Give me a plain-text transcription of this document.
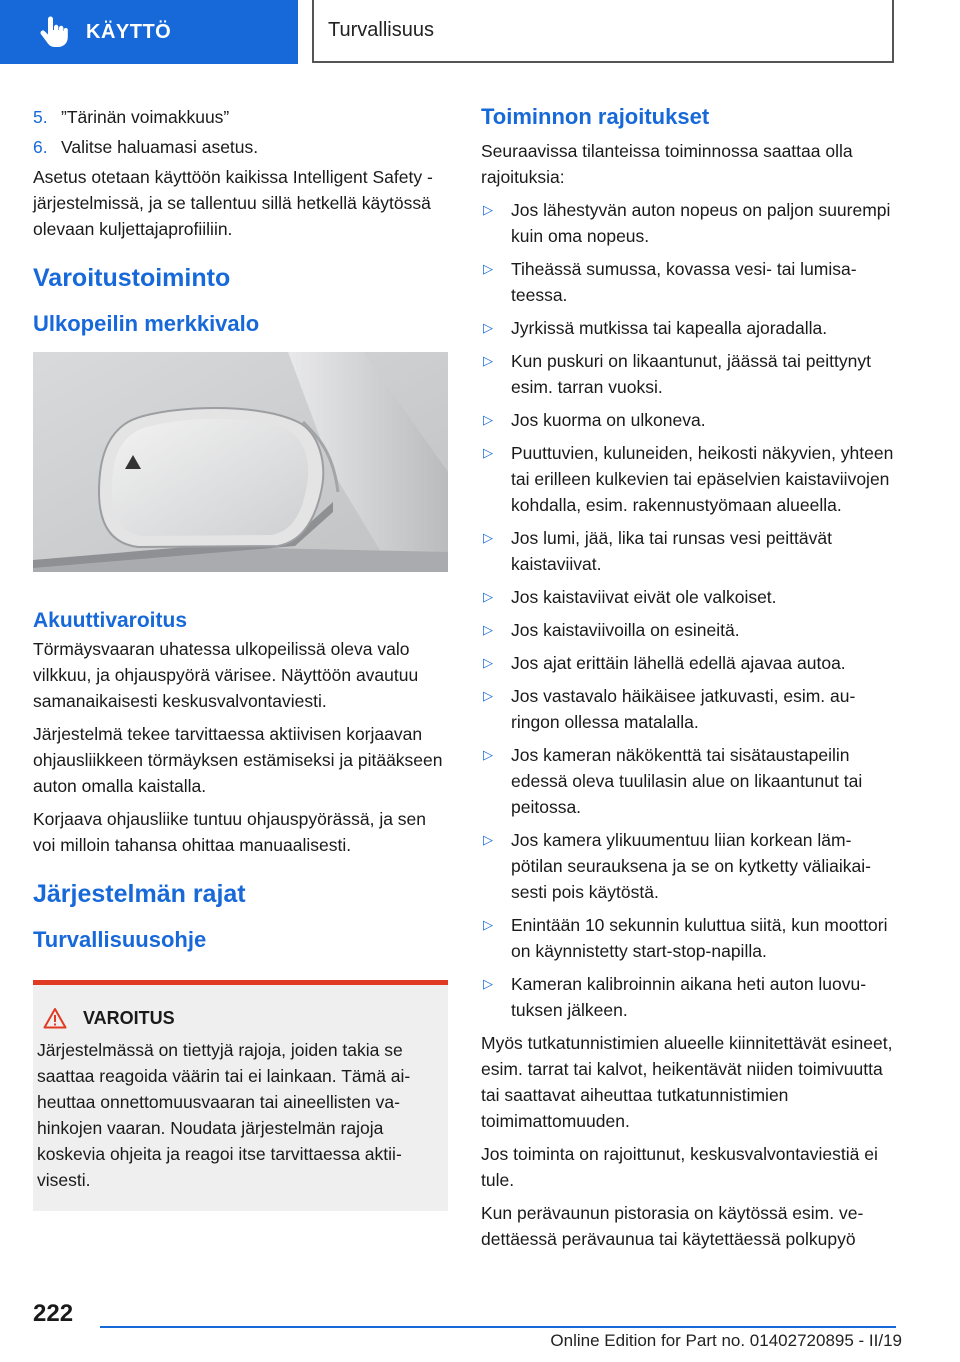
KÄYTTÖ	Turvallisuus
5. ”Tärinän voimakkuus”
6. Valitse haluamasi asetus.

Asetus otetaan käyttöön kaikissa Intelligent Safety -järjestelmissä, ja se tallentuu sillä hetkellä käytössä olevaan kuljettajaprofiiliin.

Varoitustoiminto
Ulkopeilin merkkivalo
Akuuttivaroitus

Törmäysvaaran uhatessa ulkopeilissä oleva valo vilkkuu, ja ohjauspyörä värisee. Näyttöön avautuu samanaikaisesti keskusvalvontaviesti.

Järjestelmä tekee tarvittaessa aktiivisen korjaavan ohjausliikkeen törmäyksen estämiseksi ja pitääkseen auton omalla kaistalla.

Korjaava ohjausliike tuntuu ohjauspyörässä, ja sen voi milloin tahansa ohittaa manuaalisesti.

Järjestelmän rajat
Turvallisuusohje
VAROITUS
Järjestelmässä on tiettyjä rajoja, joiden takia se saattaa reagoida väärin tai ei lainkaan. Tämä aiheuttaa onnettomuusvaaran tai aineellisten vahinkojen vaaran. Noudata järjestelmän rajoja koskevia ohjeita ja reagoi itse tarvittaessa aktiivisesti.
Toiminnon rajoitukset

Seuraavissa tilanteissa toiminnossa saattaa olla rajoituksia:

▷	Jos lähestyvän auton nopeus on paljon suurempi kuin oma nopeus.
▷	Tiheässä sumussa, kovassa vesi- tai lumisateessa.
▷	Jyrkissä mutkissa tai kapealla ajoradalla.
▷	Kun puskuri on likaantunut, jäässä tai peittynyt esim. tarran vuoksi.
▷	Jos kuorma on ulkoneva.
▷	Puuttuvien, kuluneiden, heikosti näkyvien, yhteen tai erilleen kulkevien tai epäselvien kaistaviivojen kohdalla, esim. rakennustyömaan alueella.
▷	Jos lumi, jää, lika tai runsas vesi peittävät kaistaviivat.
▷	Jos kaistaviivat eivät ole valkoiset.
▷	Jos kaistaviivoilla on esineitä.
▷	Jos ajat erittäin lähellä edellä ajavaa autoa.
▷	Jos vastavalo häikäisee jatkuvasti, esim. auringon ollessa matalalla.
▷	Jos kameran näkökenttä tai sisätaustapeilin edessä oleva tuulilasin alue on likaantunut tai peitossa.
▷	Jos kamera ylikuumentuu liian korkean lämpötilan seurauksena ja se on kytketty väliaikaisesti pois käytöstä.
▷	Enintään 10 sekunnin kuluttua siitä, kun moottori on käynnistetty start-stop-napilla.
▷	Kameran kalibroinnin aikana heti auton luovutuksen jälkeen.

Myös tutkatunnistimien alueelle kiinnitettävät esineet, esim. tarrat tai kalvot, heikentävät niiden toimivuutta tai saattavat aiheuttaa tutkatunnistimien toimimattomuuden.

Jos toiminta on rajoittunut, keskusvalvontaviestiä ei tule.

Kun perävaunun pistorasia on käytössä esim. vedettäessä perävaunua tai käytettäessä polkupyö

222
Online Edition for Part no. 01402720895 - II/19
